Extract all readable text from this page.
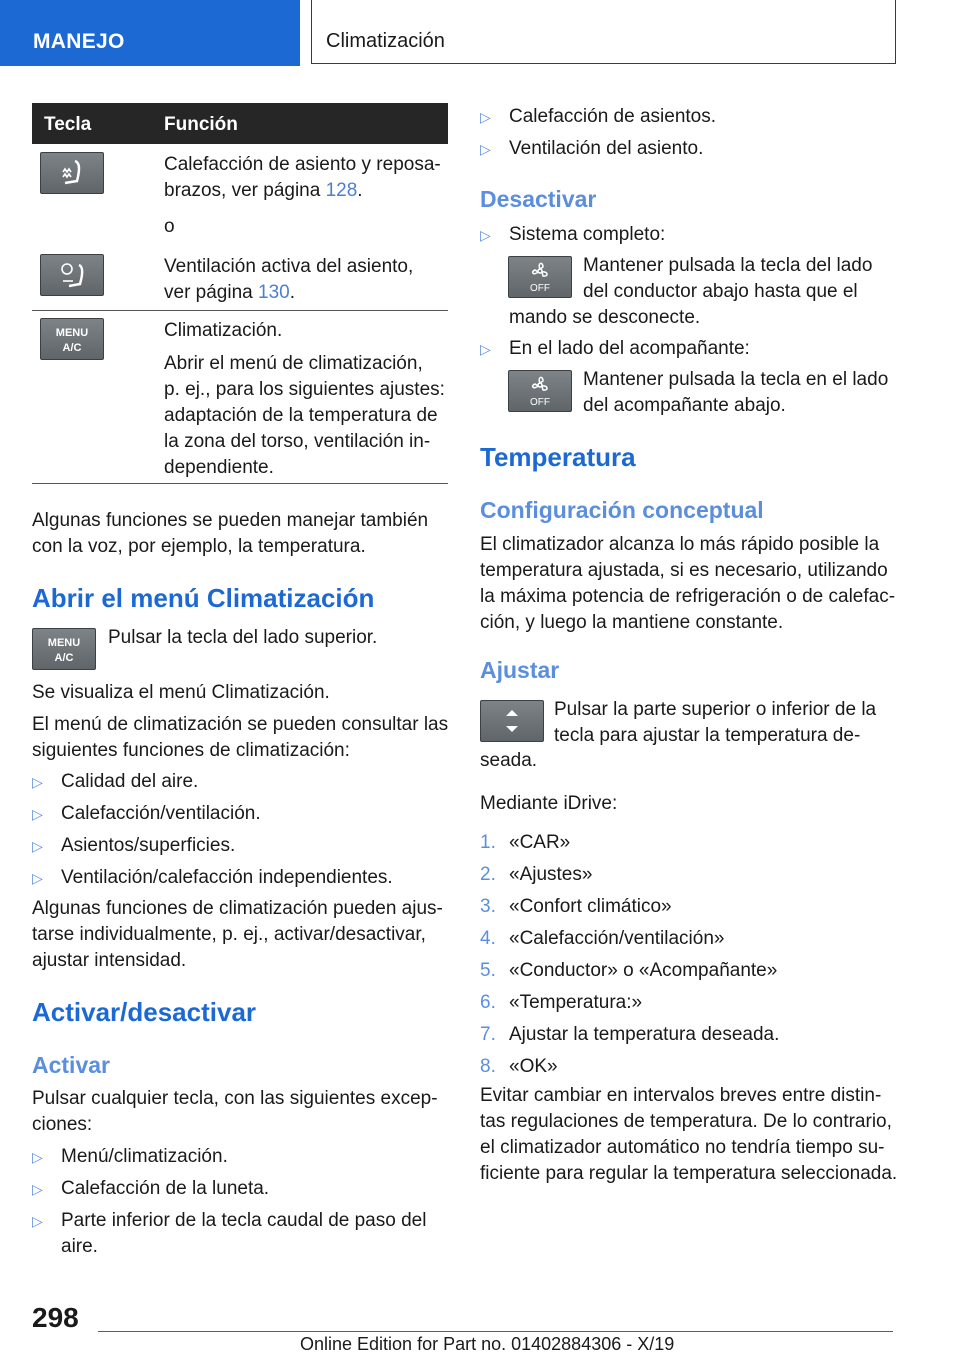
MANEJO	Climatización
Tecla	Función
Calefacción de asiento y reposa-
brazos, ver página 128.
o
Ventilación activa del asiento,
ver página 130.
MENU
A/C
Climatización.
Abrir el menú de climatización,
p. ej., para los siguientes ajustes:
adaptación de la temperatura de
la zona del torso, ventilación in-
dependiente.
Algunas funciones se pueden manejar también
con la voz, por ejemplo, la temperatura.
Abrir el menú Climatización
MENU
A/C
Pulsar la tecla del lado superior.
Se visualiza el menú Climatización.
El menú de climatización se pueden consultar las
siguientes funciones de climatización:
▷ Calidad del aire.
▷ Calefacción/ventilación.
▷ Asientos/superficies.
▷ Ventilación/calefacción independientes.
Algunas funciones de climatización pueden ajus-
tarse individualmente, p. ej., activar/desactivar,
ajustar intensidad.
Activar/desactivar
Activar
Pulsar cualquier tecla, con las siguientes excep-
ciones:
▷ Menú/climatización.
▷ Calefacción de la luneta.
▷ Parte inferior de la tecla caudal de paso del
aire.
▷ Calefacción de asientos.
▷ Ventilación del asiento.
Desactivar
▷ Sistema completo:
OFF
Mantener pulsada la tecla del lado
del conductor abajo hasta que el
mando se desconecte.
▷ En el lado del acompañante:
OFF
Mantener pulsada la tecla en el lado
del acompañante abajo.
Temperatura
Configuración conceptual
El climatizador alcanza lo más rápido posible la
temperatura ajustada, si es necesario, utilizando
la máxima potencia de refrigeración o de calefac-
ción, y luego la mantiene constante.
Ajustar
Pulsar la parte superior o inferior de la
tecla para ajustar la temperatura de-
seada.
Mediante iDrive:
1. «CAR»
2. «Ajustes»
3. «Confort climático»
4. «Calefacción/ventilación»
5. «Conductor» o «Acompañante»
6. «Temperatura:»
7. Ajustar la temperatura deseada.
8. «OK»
Evitar cambiar en intervalos breves entre distin-
tas regulaciones de temperatura. De lo contrario,
el climatizador automático no tendría tiempo su-
ficiente para regular la temperatura seleccionada.
298
Online Edition for Part no. 01402884306 - X/19
